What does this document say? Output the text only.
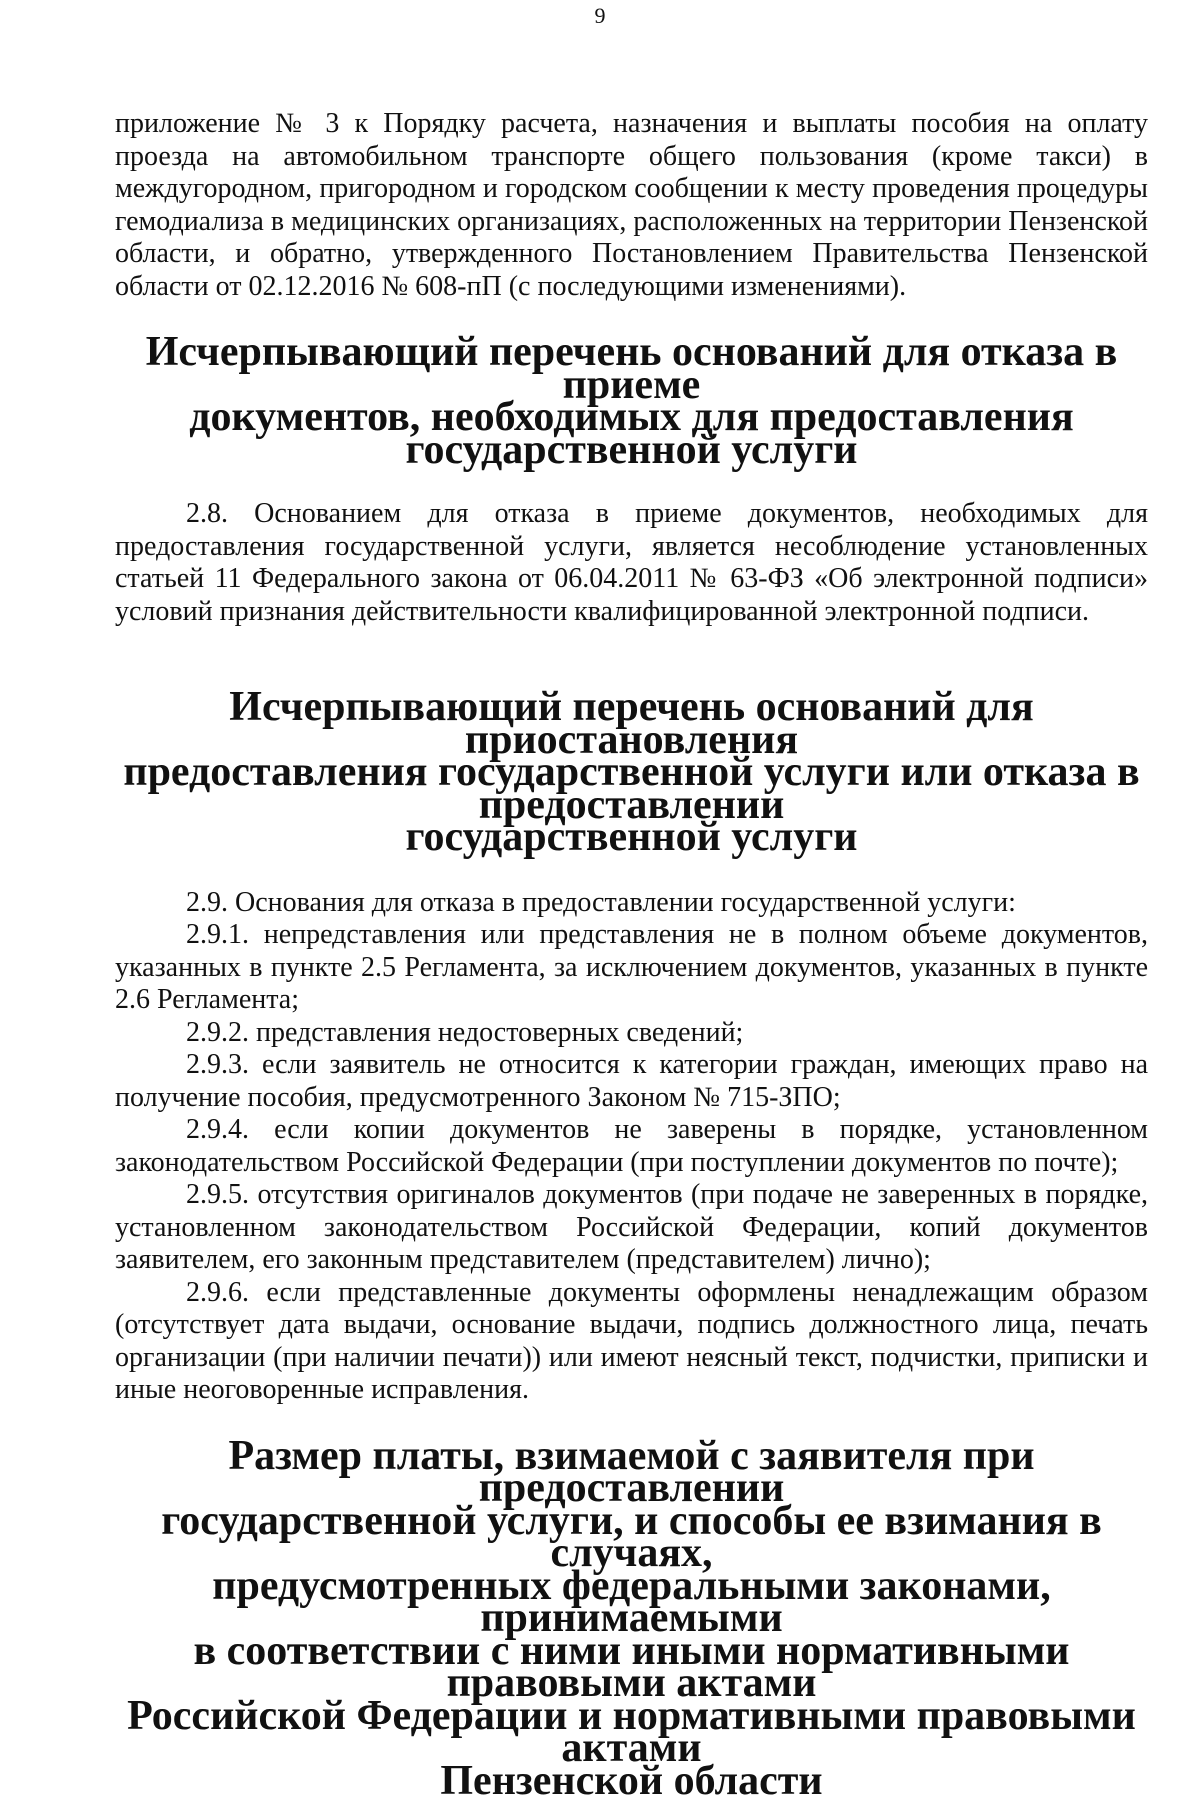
9

приложение № 3 к Порядку расчета, назначения и выплаты пособия на оплату проезда на автомобильном транспорте общего пользования (кроме такси) в междугородном, пригородном и городском сообщении к месту проведения процедуры гемодиализа в медицинских организациях, расположенных на территории Пензенской области, и обратно, утвержденного Постановлением Правительства Пензенской области от 02.12.2016 № 608-пП (с последующими изменениями).

Исчерпывающий перечень оснований для отказа в приеме
документов, необходимых для предоставления
государственной услуги

2.8. Основанием для отказа в приеме документов, необходимых для предоставления государственной услуги, является несоблюдение установленных статьей 11 Федерального закона от 06.04.2011 № 63-ФЗ «Об электронной подписи» условий признания действительности квалифицированной электронной подписи.

Исчерпывающий перечень оснований для приостановления
предоставления государственной услуги или отказа в предоставлении
государственной услуги

2.9. Основания для отказа в предоставлении государственной услуги:

2.9.1. непредставления или представления не в полном объеме документов, указанных в пункте 2.5 Регламента, за исключением документов, указанных в пункте 2.6 Регламента;

2.9.2. представления недостоверных сведений;

2.9.3. если заявитель не относится к категории граждан, имеющих право на получение пособия, предусмотренного Законом № 715-ЗПО;

2.9.4. если копии документов не заверены в порядке, установленном законодательством Российской Федерации (при поступлении документов по почте);

2.9.5. отсутствия оригиналов документов (при подаче не заверенных в порядке, установленном законодательством Российской Федерации, копий документов заявителем, его законным представителем (представителем) лично);

2.9.6. если представленные документы оформлены ненадлежащим образом (отсутствует дата выдачи, основание выдачи, подпись должностного лица, печать организации (при наличии печати)) или имеют неясный текст, подчистки, приписки и иные неоговоренные исправления.

Размер платы, взимаемой с заявителя при предоставлении
государственной услуги, и способы ее взимания в случаях,
предусмотренных федеральными законами, принимаемыми
в соответствии с ними иными нормативными правовыми актами
Российской Федерации и нормативными правовыми актами
Пензенской области
